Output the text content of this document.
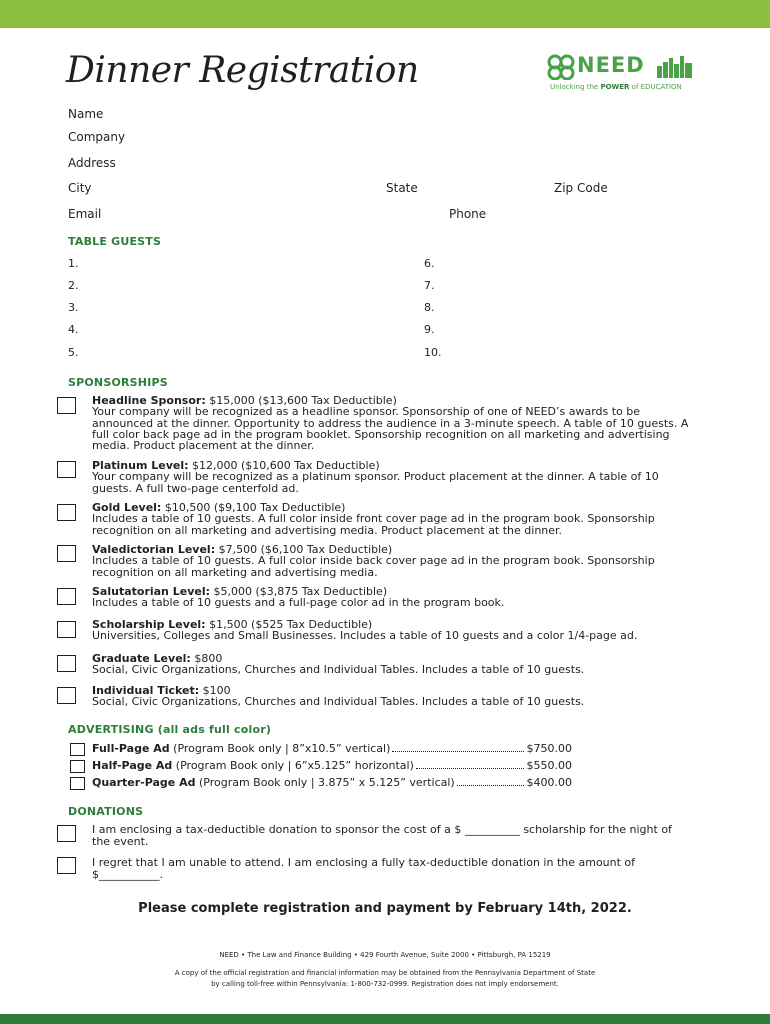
Dinner Registration	NEED
Unlocking the POWER of EDUCATION
Name
Company
Address
City	State	Zip Code
Email	Phone
TABLE GUESTS
1.
2.
3.
4.
5.
6.
7.
8.
9.
10.
SPONSORSHIPS
Headline Sponsor: $15,000 ($13,600 Tax Deductible)
Your company will be recognized as a headline sponsor. Sponsorship of one of NEED’s awards to be announced at the dinner. Opportunity to address the audience in a 3-minute speech. A table of 10 guests. A full color back page ad in the program booklet. Sponsorship recognition on all marketing and advertising media. Product placement at the dinner.
Platinum Level: $12,000 ($10,600 Tax Deductible)
Your company will be recognized as a platinum sponsor. Product placement at the dinner. A table of 10 guests. A full two-page centerfold ad.
Gold Level: $10,500 ($9,100 Tax Deductible)
Includes a table of 10 guests. A full color inside front cover page ad in the program book. Sponsorship recognition on all marketing and advertising media. Product placement at the dinner.
Valedictorian Level: $7,500 ($6,100 Tax Deductible)
Includes a table of 10 guests. A full color inside back cover page ad in the program book. Sponsorship recognition on all marketing and advertising media.
Salutatorian Level: $5,000 ($3,875 Tax Deductible)
Includes a table of 10 guests and a full-page color ad in the program book.
Scholarship Level: $1,500 ($525 Tax Deductible)
Universities, Colleges and Small Businesses. Includes a table of 10 guests and a color 1/4-page ad.
Graduate Level: $800
Social, Civic Organizations, Churches and Individual Tables. Includes a table of 10 guests.
Individual Ticket: $100
Social, Civic Organizations, Churches and Individual Tables. Includes a table of 10 guests.
ADVERTISING (all ads full color)
Full-Page Ad (Program Book only | 8”x10.5” vertical)	$750.00
Half-Page Ad (Program Book only | 6”x5.125” horizontal)	$550.00
Quarter-Page Ad (Program Book only | 3.875” x 5.125” vertical)	$400.00
DONATIONS
I am enclosing a tax-deductible donation to sponsor the cost of a $ __________ scholarship for the night of the event.
I regret that I am unable to attend. I am enclosing a fully tax-deductible donation in the amount of $___________.
Please complete registration and payment by February 14th, 2022.
NEED • The Law and Finance Building • 429 Fourth Avenue, Suite 2000 • Pittsburgh, PA 15219
A copy of the official registration and financial information may be obtained from the Pennsylvania Department of State
by calling toll-free within Pennsylvania: 1-800-732-0999. Registration does not imply endorsement.
